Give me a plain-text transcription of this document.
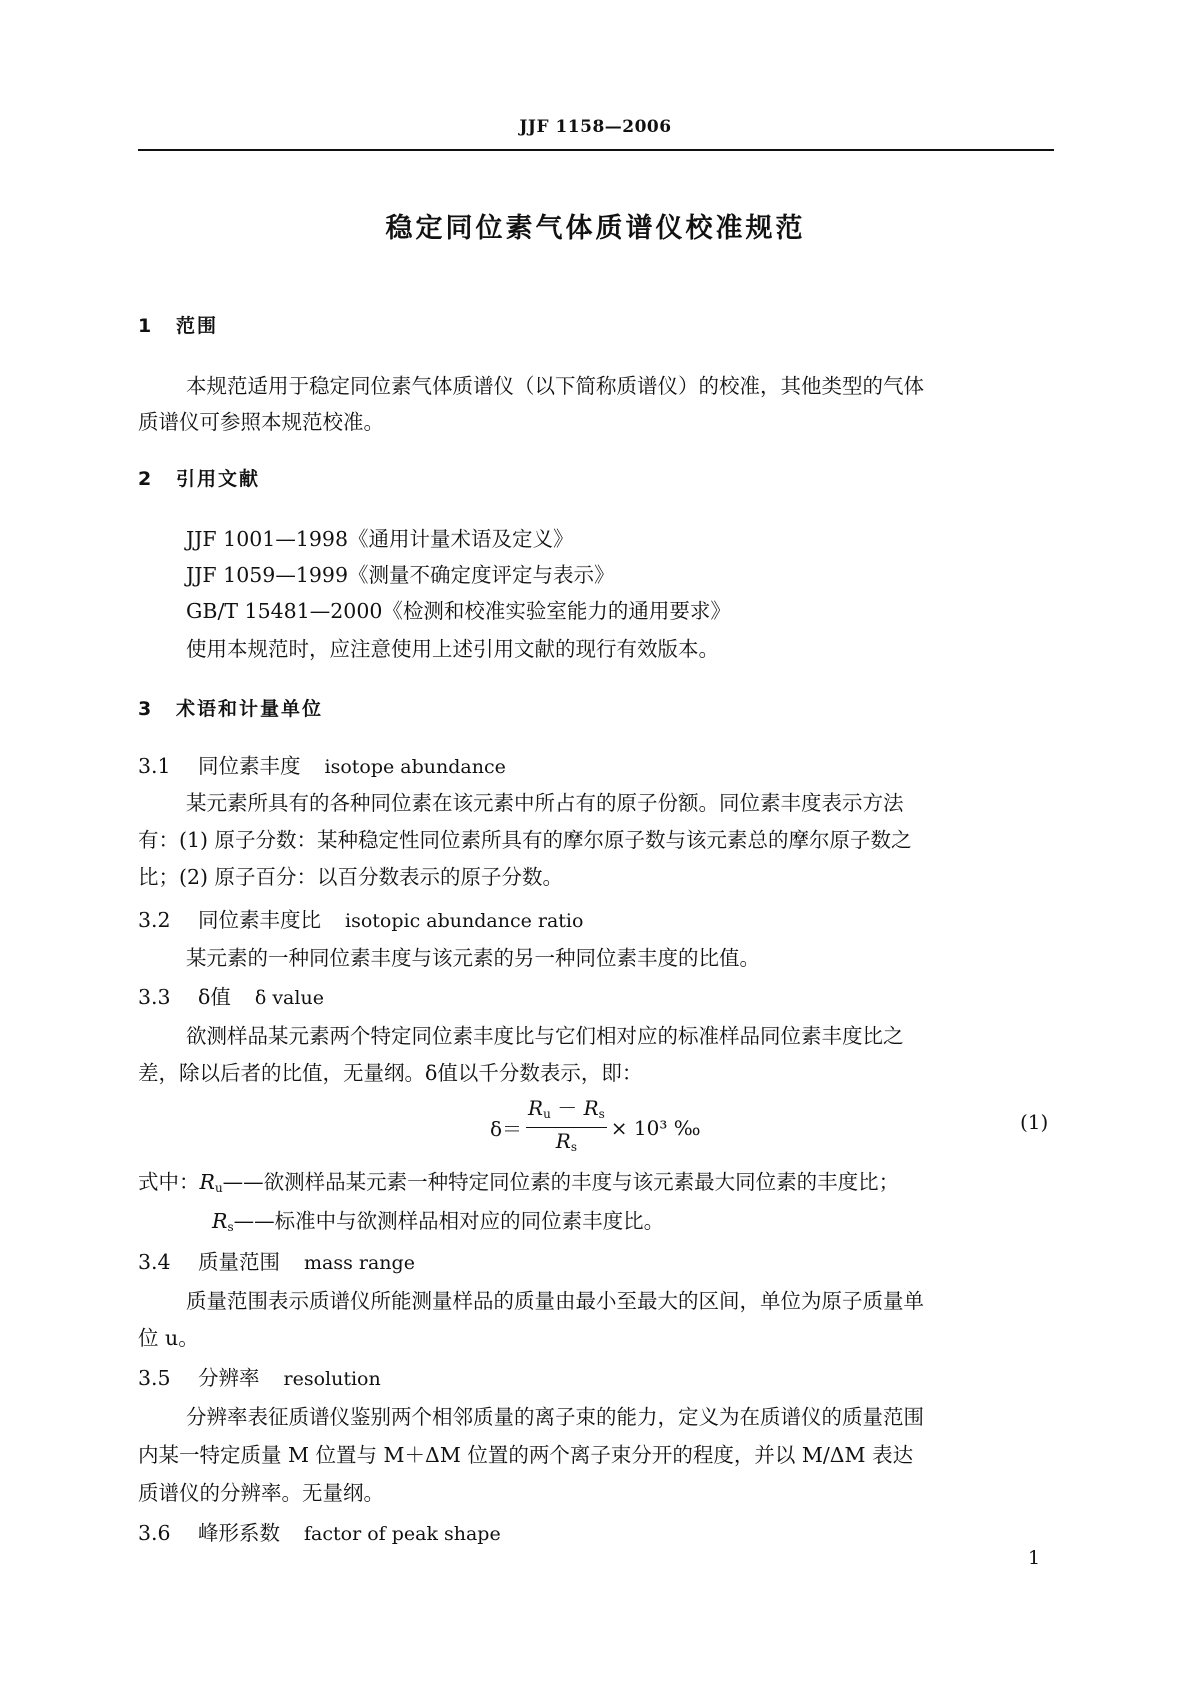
JJF 1158—2006
稳定同位素气体质谱仪校准规范
1 范围
本规范适用于稳定同位素气体质谱仪（以下简称质谱仪）的校准，其他类型的气体
质谱仪可参照本规范校准。
2 引用文献
JJF 1001—1998《通用计量术语及定义》
JJF 1059—1999《测量不确定度评定与表示》
GB/T 15481—2000《检测和校准实验室能力的通用要求》
使用本规范时，应注意使用上述引用文献的现行有效版本。
3 术语和计量单位
3.1 同位素丰度 isotope abundance
某元素所具有的各种同位素在该元素中所占有的原子份额。同位素丰度表示方法
有：(1) 原子分数：某种稳定性同位素所具有的摩尔原子数与该元素总的摩尔原子数之
比；(2) 原子百分：以百分数表示的原子分数。
3.2 同位素丰度比 isotopic abundance ratio
某元素的一种同位素丰度与该元素的另一种同位素丰度的比值。
3.3 δ值 δ value
欲测样品某元素两个特定同位素丰度比与它们相对应的标准样品同位素丰度比之
差，除以后者的比值，无量纲。δ值以千分数表示，即：
$\delta= \frac{Ru - Rs}{Rs} \times 10^3$ ‰	(1)
式中：Ru——欲测样品某元素一种特定同位素的丰度与该元素最大同位素的丰度比；
Rs——标准中与欲测样品相对应的同位素丰度比。
3.4 质量范围 mass range
质量范围表示质谱仪所能测量样品的质量由最小至最大的区间，单位为原子质量单
位 u。
3.5 分辨率 resolution
分辨率表征质谱仪鉴别两个相邻质量的离子束的能力，定义为在质谱仪的质量范围
内某一特定质量 M 位置与 M＋ΔM 位置的两个离子束分开的程度，并以 M/ΔM 表达
质谱仪的分辨率。无量纲。
3.6 峰形系数 factor of peak shape
1
